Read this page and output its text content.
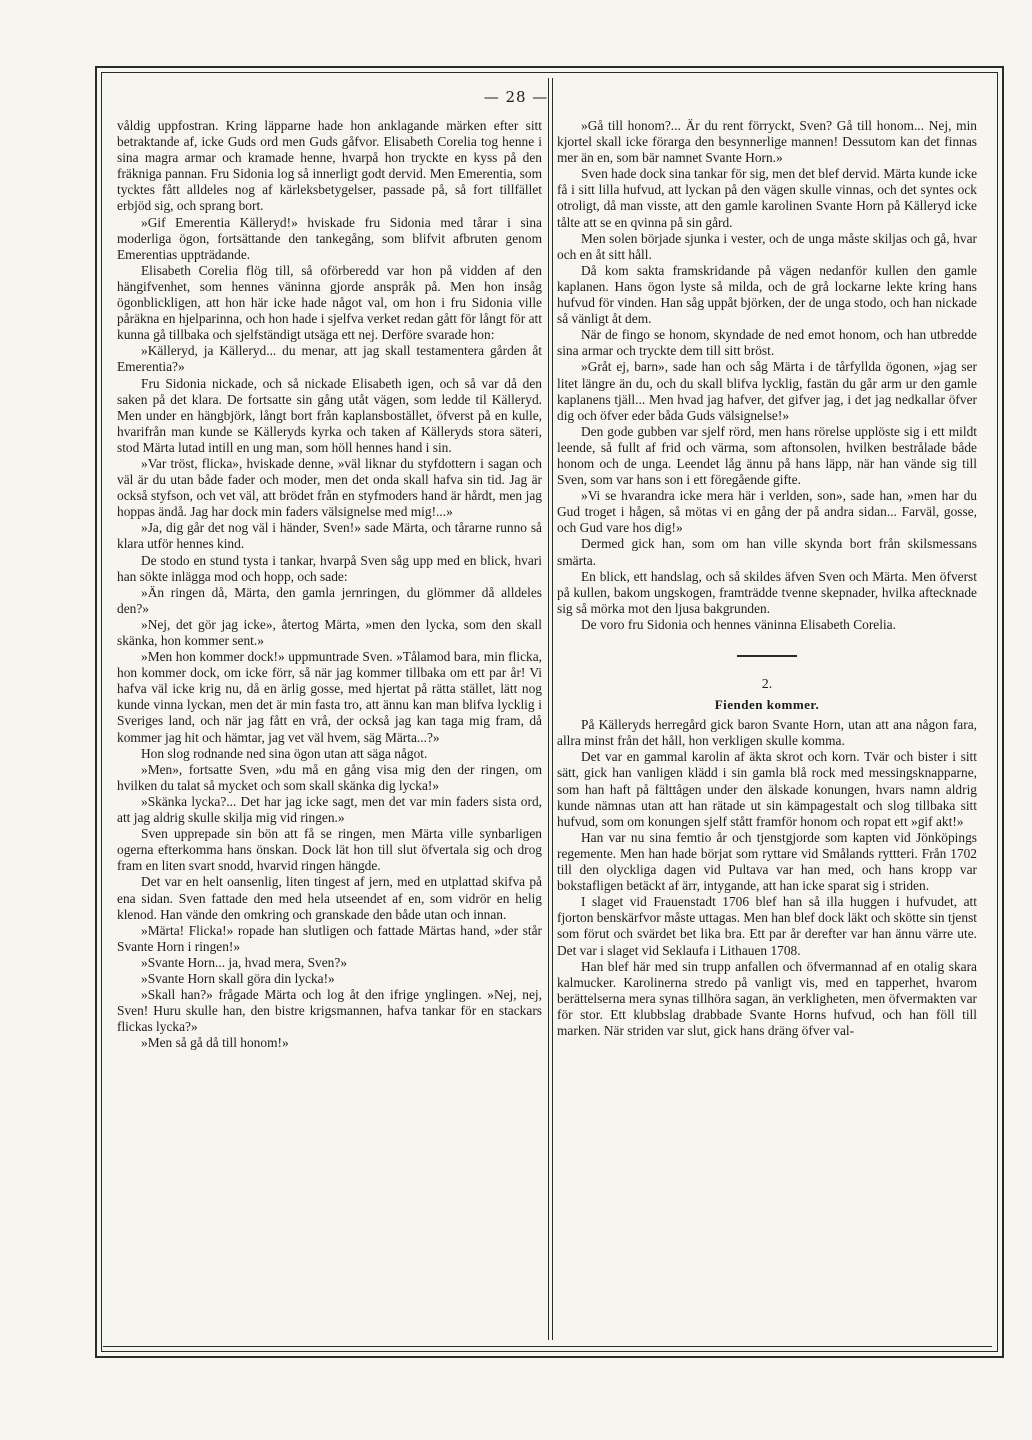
— 28 —

våldig uppfostran. Kring läpparne hade hon anklagande märken efter sitt betraktande af, icke Guds ord men Guds gåfvor. Elisabeth Corelia tog henne i sina magra armar och kramade henne, hvarpå hon tryckte en kyss på den fräkniga pannan. Fru Sidonia log så innerligt godt dervid. Men Emerentia, som tycktes fått alldeles nog af kärleksbetygelser, passade på, så fort tillfället erbjöd sig, och sprang bort.

»Gif Emerentia Källeryd!» hviskade fru Sidonia med tårar i sina moderliga ögon, fortsättande den tankegång, som blifvit afbruten genom Emerentias uppträdande.

Elisabeth Corelia flög till, så oförberedd var hon på vidden af den hängifvenhet, som hennes väninna gjorde anspråk på. Men hon insåg ögonblickligen, att hon här icke hade något val, om hon i fru Sidonia ville påräkna en hjelparinna, och hon hade i sjelfva verket redan gått för långt för att kunna gå tillbaka och sjelfständigt utsäga ett nej. Derföre svarade hon:

»Källeryd, ja Källeryd... du menar, att jag skall testamentera gården åt Emerentia?»

Fru Sidonia nickade, och så nickade Elisabeth igen, och så var då den saken på det klara. De fortsatte sin gång utåt vägen, som ledde til Källeryd. Men under en hängbjörk, långt bort från kaplansbostället, öfverst på en kulle, hvarifrån man kunde se Källeryds kyrka och taken af Källeryds stora säteri, stod Märta lutad intill en ung man, som höll hennes hand i sin.

»Var tröst, flicka», hviskade denne, »väl liknar du styfdottern i sagan och väl är du utan både fader och moder, men det onda skall hafva sin tid. Jag är också styfson, och vet väl, att brödet från en styfmoders hand är hårdt, men jag hoppas ändå. Jag har dock min faders välsignelse med mig!...»

»Ja, dig går det nog väl i händer, Sven!» sade Märta, och tårarne runno så klara utför hennes kind.

De stodo en stund tysta i tankar, hvarpå Sven såg upp med en blick, hvari han sökte inlägga mod och hopp, och sade:

»Än ringen då, Märta, den gamla jernringen, du glömmer då alldeles den?»

»Nej, det gör jag icke», återtog Märta, »men den lycka, som den skall skänka, hon kommer sent.»

»Men hon kommer dock!» uppmuntrade Sven. »Tålamod bara, min flicka, hon kommer dock, om icke förr, så när jag kommer tillbaka om ett par år! Vi hafva väl icke krig nu, då en ärlig gosse, med hjertat på rätta stället, lätt nog kunde vinna lyckan, men det är min fasta tro, att ännu kan man blifva lycklig i Sveriges land, och när jag fått en vrå, der också jag kan taga mig fram, då kommer jag hit och hämtar, jag vet väl hvem, säg Märta...?»

Hon slog rodnande ned sina ögon utan att säga något.

»Men», fortsatte Sven, »du må en gång visa mig den der ringen, om hvilken du talat så mycket och som skall skänka dig lycka!»

»Skänka lycka?... Det har jag icke sagt, men det var min faders sista ord, att jag aldrig skulle skilja mig vid ringen.»

Sven upprepade sin bön att få se ringen, men Märta ville synbarligen ogerna efterkomma hans önskan. Dock lät hon till slut öfvertala sig och drog fram en liten svart snodd, hvarvid ringen hängde.

Det var en helt oansenlig, liten tingest af jern, med en utplattad skifva på ena sidan. Sven fattade den med hela utseendet af en, som vidrör en helig klenod. Han vände den omkring och granskade den både utan och innan.

»Märta! Flicka!» ropade han slutligen och fattade Märtas hand, »der står Svante Horn i ringen!»

»Svante Horn... ja, hvad mera, Sven?»

»Svante Horn skall göra din lycka!»

»Skall han?» frågade Märta och log åt den ifrige ynglingen. »Nej, nej, Sven! Huru skulle han, den bistre krigsmannen, hafva tankar för en stackars flickas lycka?»

»Men så gå då till honom!»

»Gå till honom?... Är du rent förryckt, Sven? Gå till honom... Nej, min kjortel skall icke förarga den besynnerlige mannen! Dessutom kan det finnas mer än en, som bär namnet Svante Horn.»

Sven hade dock sina tankar för sig, men det blef dervid. Märta kunde icke få i sitt lilla hufvud, att lyckan på den vägen skulle vinnas, och det syntes ock otroligt, då man visste, att den gamle karolinen Svante Horn på Källeryd icke tålte att se en qvinna på sin gård.

Men solen började sjunka i vester, och de unga måste skiljas och gå, hvar och en åt sitt håll.

Då kom sakta framskridande på vägen nedanför kullen den gamle kaplanen. Hans ögon lyste så milda, och de grå lockarne lekte kring hans hufvud för vinden. Han såg uppåt björken, der de unga stodo, och han nickade så vänligt åt dem.

När de fingo se honom, skyndade de ned emot honom, och han utbredde sina armar och tryckte dem till sitt bröst.

»Gråt ej, barn», sade han och såg Märta i de tårfyllda ögonen, »jag ser litet längre än du, och du skall blifva lycklig, fastän du går arm ur den gamle kaplanens tjäll... Men hvad jag hafver, det gifver jag, i det jag nedkallar öfver dig och öfver eder båda Guds välsignelse!»

Den gode gubben var sjelf rörd, men hans rörelse upplöste sig i ett mildt leende, så fullt af frid och värma, som aftonsolen, hvilken bestrålade både honom och de unga. Leendet låg ännu på hans läpp, när han vände sig till Sven, som var hans son i ett föregående gifte.

»Vi se hvarandra icke mera här i verlden, son», sade han, »men har du Gud troget i hågen, så mötas vi en gång der på andra sidan... Farväl, gosse, och Gud vare hos dig!»

Dermed gick han, som om han ville skynda bort från skilsmessans smärta.

En blick, ett handslag, och så skildes äfven Sven och Märta. Men öfverst på kullen, bakom ungskogen, framträdde tvenne skepnader, hvilka aftecknade sig så mörka mot den ljusa bakgrunden.

De voro fru Sidonia och hennes väninna Elisabeth Corelia.

2.
Fienden kommer.

På Källeryds herregård gick baron Svante Horn, utan att ana någon fara, allra minst från det håll, hon verkligen skulle komma.

Det var en gammal karolin af äkta skrot och korn. Tvär och bister i sitt sätt, gick han vanligen klädd i sin gamla blå rock med messingsknapparne, som han haft på fälttågen under den älskade konungen, hvars namn aldrig kunde nämnas utan att han rätade ut sin kämpagestalt och slog tillbaka sitt hufvud, som om konungen sjelf stått framför honom och ropat ett »gif akt!»

Han var nu sina femtio år och tjenstgjorde som kapten vid Jönköpings regemente. Men han hade börjat som ryttare vid Smålands ryttteri. Från 1702 till den olyckliga dagen vid Pultava var han med, och hans kropp var bokstafligen betäckt af ärr, intygande, att han icke sparat sig i striden.

I slaget vid Frauenstadt 1706 blef han så illa huggen i hufvudet, att fjorton benskärfvor måste uttagas. Men han blef dock läkt och skötte sin tjenst som förut och svärdet bet lika bra. Ett par år derefter var han ännu värre ute. Det var i slaget vid Seklaufa i Lithauen 1708.

Han blef här med sin trupp anfallen och öfvermannad af en otalig skara kalmucker. Karolinerna stredo på vanligt vis, med en tapperhet, hvarom berättelserna mera synas tillhöra sagan, än verkligheten, men öfvermakten var för stor. Ett klubbslag drabbade Svante Horns hufvud, och han föll till marken. När striden var slut, gick hans dräng öfver val-
